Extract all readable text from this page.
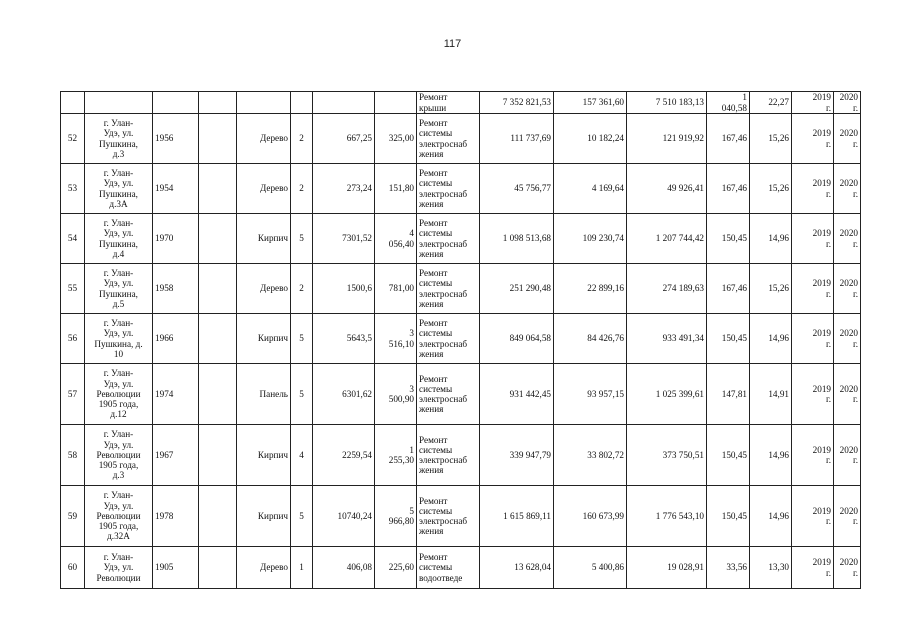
117
								Ремонт
крыши	7 352 821,53	157 361,60	7 510 183,13	1
040,58	22,27	2019
г.	2020
г.
52	г. Улан-
Удэ, ул.
Пушкина,
д.3	1956		Дерево	2	667,25	325,00	Ремонт
системы
электроснаб
жения	111 737,69	10 182,24	121 919,92	167,46	15,26	2019
г.	2020
г.
53	г. Улан-
Удэ, ул.
Пушкина,
д.3А	1954		Дерево	2	273,24	151,80	Ремонт
системы
электроснаб
жения	45 756,77	4 169,64	49 926,41	167,46	15,26	2019
г.	2020
г.
54	г. Улан-
Удэ, ул.
Пушкина,
д.4	1970		Кирпич	5	7301,52	4
056,40	Ремонт
системы
электроснаб
жения	1 098 513,68	109 230,74	1 207 744,42	150,45	14,96	2019
г.	2020
г.
55	г. Улан-
Удэ, ул.
Пушкина,
д.5	1958		Дерево	2	1500,6	781,00	Ремонт
системы
электроснаб
жения	251 290,48	22 899,16	274 189,63	167,46	15,26	2019
г.	2020
г.
56	г. Улан-
Удэ, ул.
Пушкина, д.
10	1966		Кирпич	5	5643,5	3
516,10	Ремонт
системы
электроснаб
жения	849 064,58	84 426,76	933 491,34	150,45	14,96	2019
г.	2020
г.
57	г. Улан-
Удэ, ул.
Революции
1905 года,
д.12	1974		Панель	5	6301,62	3
500,90	Ремонт
системы
электроснаб
жения	931 442,45	93 957,15	1 025 399,61	147,81	14,91	2019
г.	2020
г.
58	г. Улан-
Удэ, ул.
Революции
1905 года,
д.3	1967		Кирпич	4	2259,54	1
255,30	Ремонт
системы
электроснаб
жения	339 947,79	33 802,72	373 750,51	150,45	14,96	2019
г.	2020
г.
59	г. Улан-
Удэ, ул.
Революции
1905 года,
д.32А	1978		Кирпич	5	10740,24	5
966,80	Ремонт
системы
электроснаб
жения	1 615 869,11	160 673,99	1 776 543,10	150,45	14,96	2019
г.	2020
г.
60	г. Улан-
Удэ, ул.
Революции	1905		Дерево	1	406,08	225,60	Ремонт
системы
водоотведе	13 628,04	5 400,86	19 028,91	33,56	13,30	2019
г.	2020
г.
